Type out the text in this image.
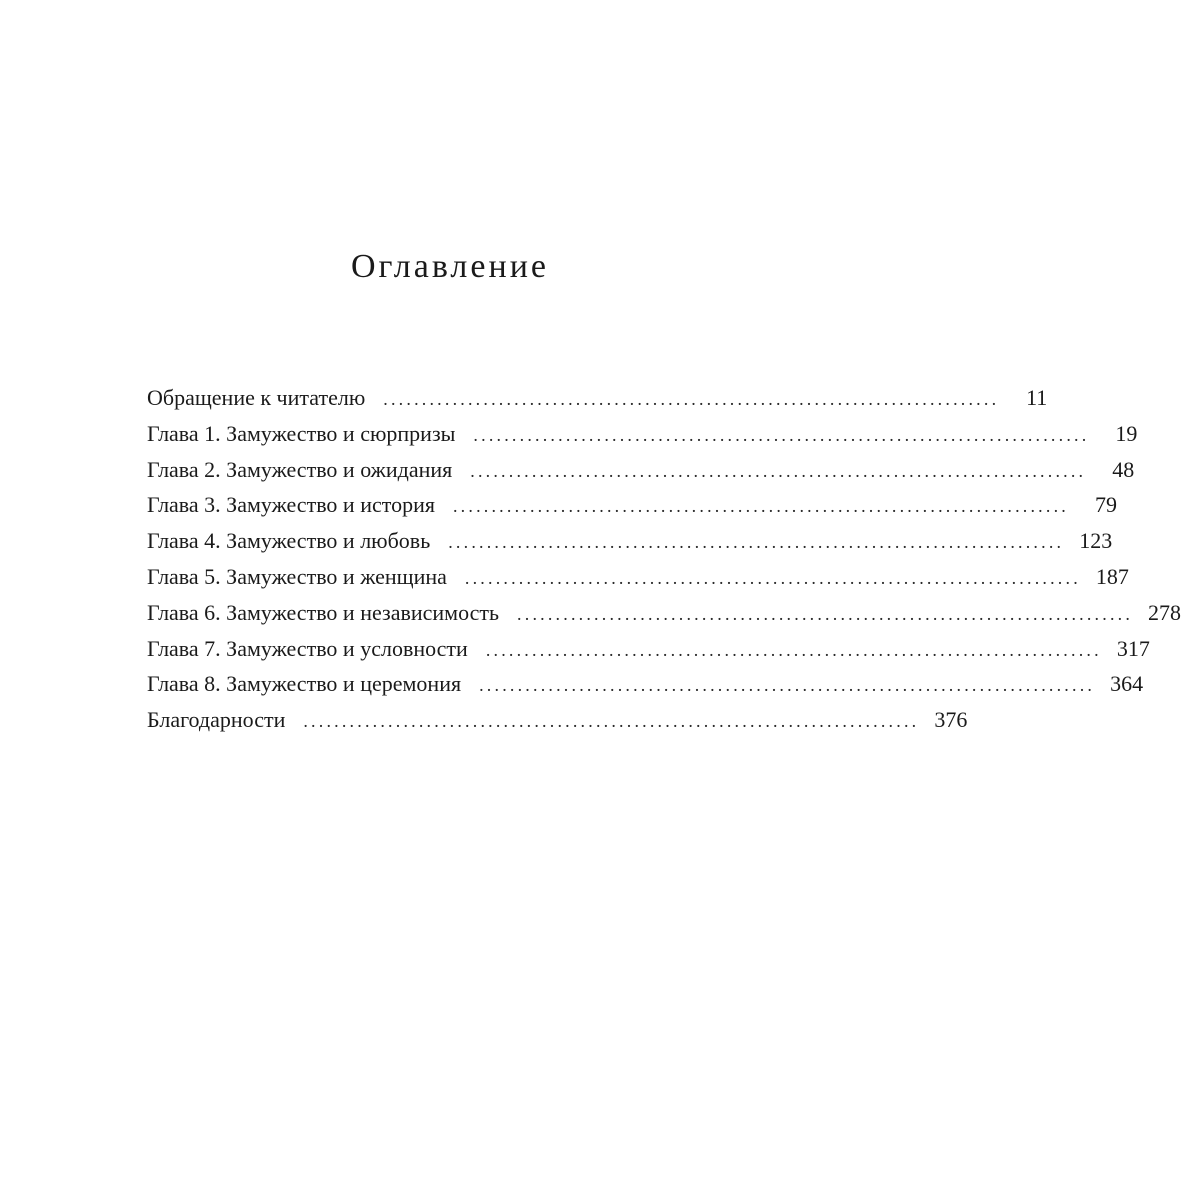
Оглавление
Обращение к читателю ................................................................................	11
Глава 1. Замужество и сюрпризы ................................................................................	19
Глава 2. Замужество и ожидания ................................................................................	48
Глава 3. Замужество и история ................................................................................	79
Глава 4. Замужество и любовь ................................................................................ 123
Глава 5. Замужество и женщина ................................................................................ 187
Глава 6. Замужество и независимость ................................................................................ 278
Глава 7. Замужество и условности ................................................................................ 317
Глава 8. Замужество и церемония ................................................................................ 364
Благодарности ................................................................................ 376
